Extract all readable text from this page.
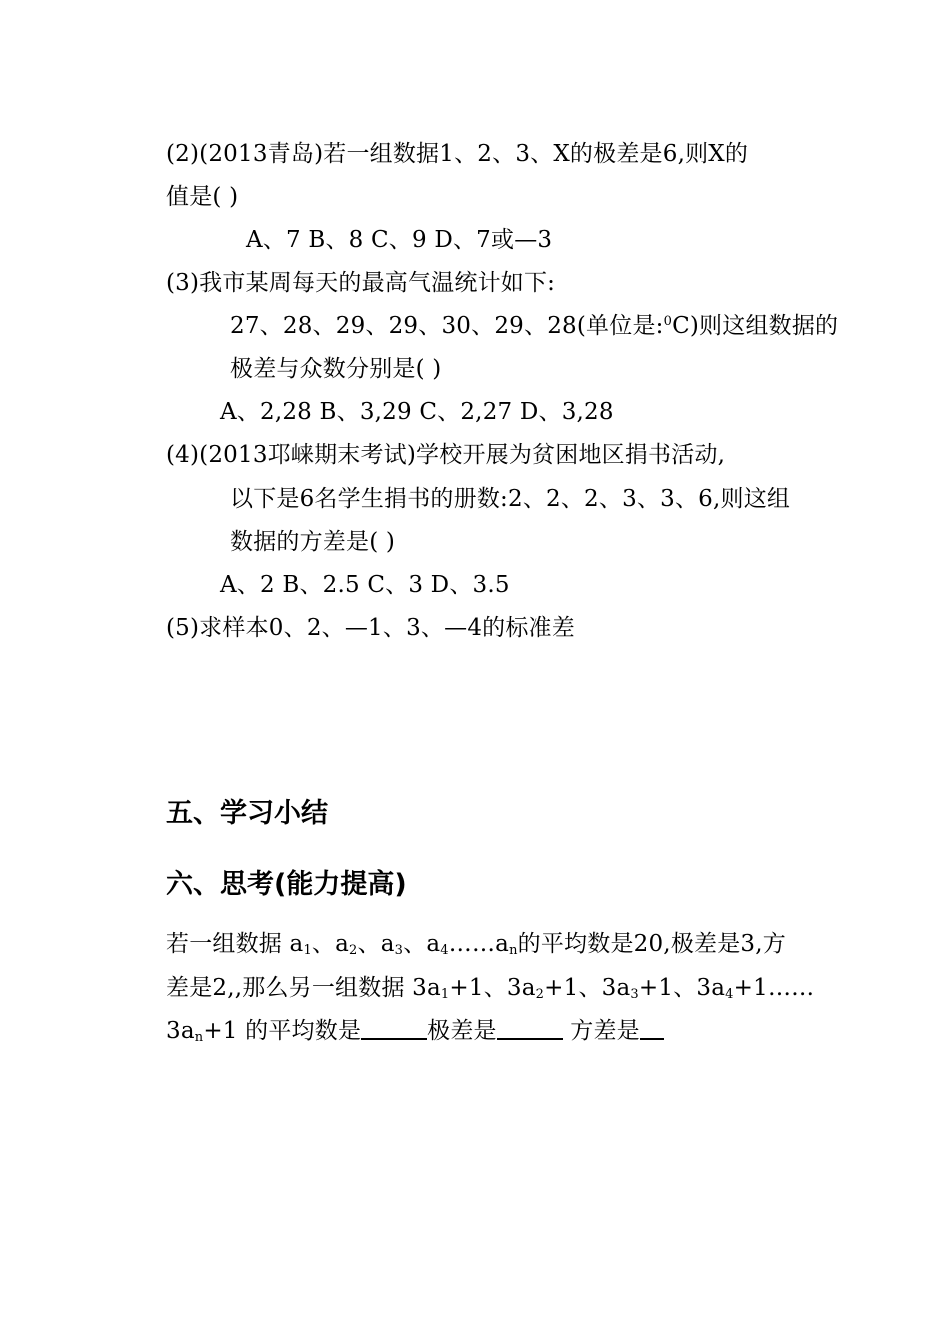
(2)(2013青岛)若一组数据1、2、3、X的极差是6,则X的
值是( )
A、7 B、8 C、9 D、7或—3
(3)我市某周每天的最高气温统计如下:
27、28、29、29、30、29、28(单位是:$^0$C)则这组数据的
极差与众数分别是( )
A、2,28 B、3,29 C、2,27 D、3,28
(4)(2013邛崃期末考试)学校开展为贫困地区捐书活动,
以下是6名学生捐书的册数:2、2、2、3、3、6,则这组
数据的方差是( )
A、2 B、2.5 C、3 D、3.5
(5)求样本0、2、—1、3、—4的标准差
五、学习小结
六、思考(能力提高)
若一组数据 $a_1$、$a_2$、$a_3$、$a_4\dots\dots a_n$的平均数是20,极差是3,方
差是2,,那么另一组数据 $3a_1+1$、$3a_2+1$、$3a_3+1$、$3a_4+1\dots\dots$
$3a_n+1$ 的平均数是	极差是	方差是
